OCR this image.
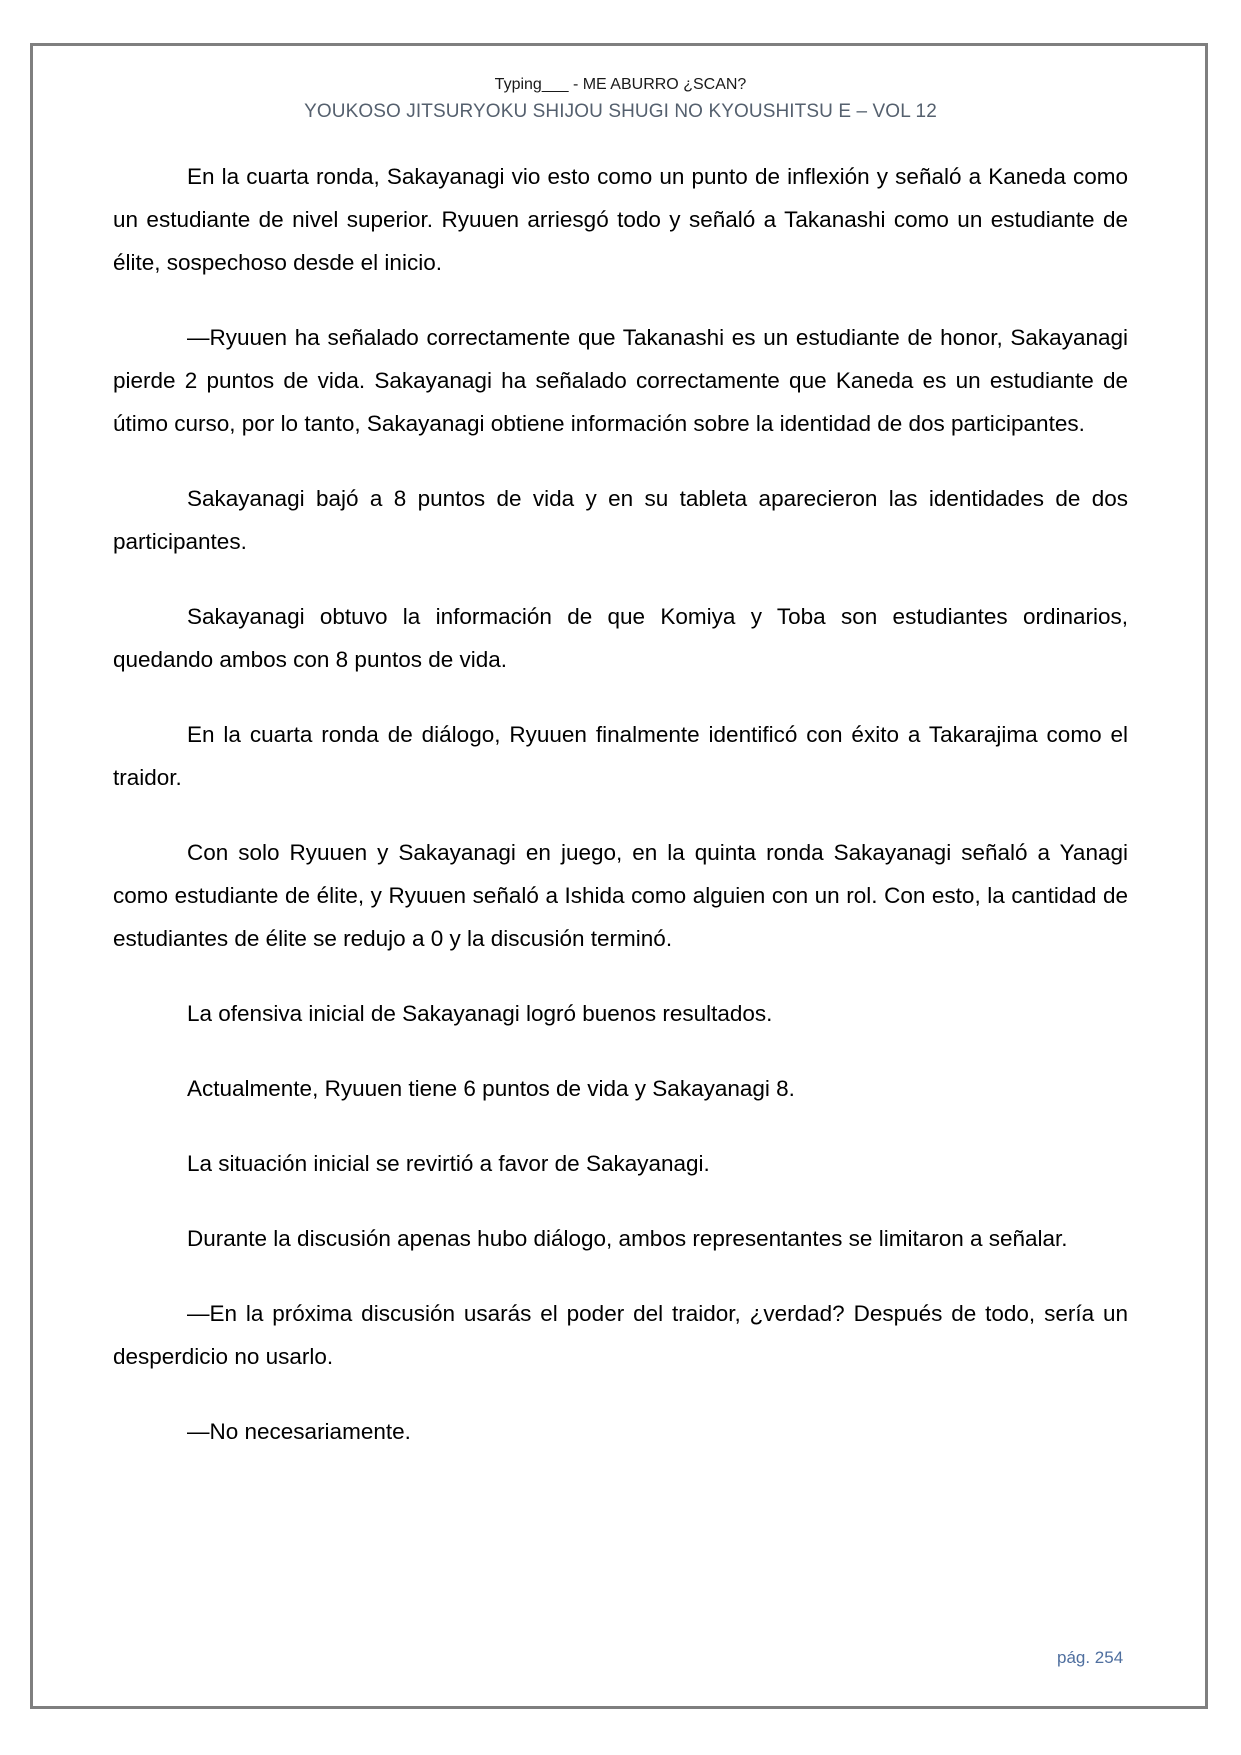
Typing___ - ME ABURRO ¿SCAN?
YOUKOSO JITSURYOKU SHIJOU SHUGI NO KYOUSHITSU E – VOL 12

En la cuarta ronda, Sakayanagi vio esto como un punto de inflexión y señaló a Kaneda como un estudiante de nivel superior. Ryuuen arriesgó todo y señaló a Takanashi como un estudiante de élite, sospechoso desde el inicio.

—Ryuuen ha señalado correctamente que Takanashi es un estudiante de honor, Sakayanagi pierde 2 puntos de vida. Sakayanagi ha señalado correctamente que Kaneda es un estudiante de útimo curso, por lo tanto, Sakayanagi obtiene información sobre la identidad de dos participantes.

Sakayanagi bajó a 8 puntos de vida y en su tableta aparecieron las identidades de dos participantes.

Sakayanagi obtuvo la información de que Komiya y Toba son estudiantes ordinarios, quedando ambos con 8 puntos de vida.

En la cuarta ronda de diálogo, Ryuuen finalmente identificó con éxito a Takarajima como el traidor.

Con solo Ryuuen y Sakayanagi en juego, en la quinta ronda Sakayanagi señaló a Yanagi como estudiante de élite, y Ryuuen señaló a Ishida como alguien con un rol. Con esto, la cantidad de estudiantes de élite se redujo a 0 y la discusión terminó.

La ofensiva inicial de Sakayanagi logró buenos resultados.

Actualmente, Ryuuen tiene 6 puntos de vida y Sakayanagi 8.

La situación inicial se revirtió a favor de Sakayanagi.

Durante la discusión apenas hubo diálogo, ambos representantes se limitaron a señalar.

—En la próxima discusión usarás el poder del traidor, ¿verdad? Después de todo, sería un desperdicio no usarlo.

—No necesariamente.

pág. 254
